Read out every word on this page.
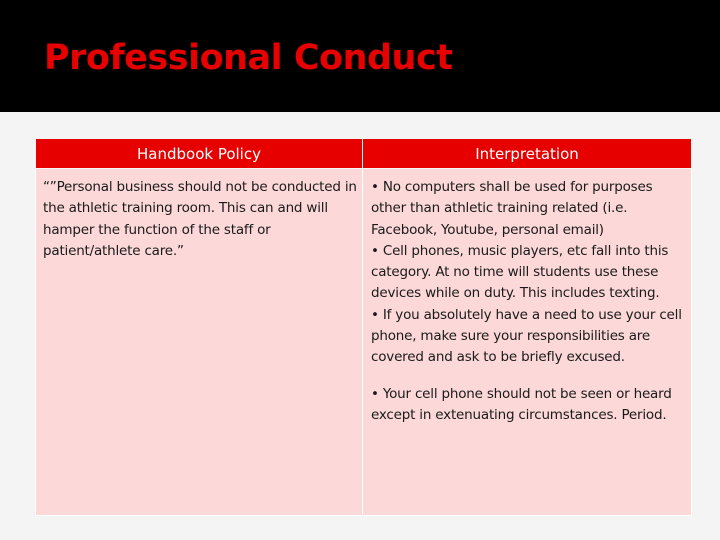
Professional Conduct
Handbook Policy	Interpretation
“”Personal business should not be conducted in the athletic training room. This can and will hamper the function of the staff or patient/athlete care.”	• No computers shall be used for purposes other than athletic training related (i.e. Facebook, Youtube, personal email)
• Cell phones, music players, etc fall into this category. At no time will students use these devices while on duty. This includes texting.
• If you absolutely have a need to use your cell phone, make sure your responsibilities are covered and ask to be briefly excused.
• Your cell phone should not be seen or heard except in extenuating circumstances. Period.
